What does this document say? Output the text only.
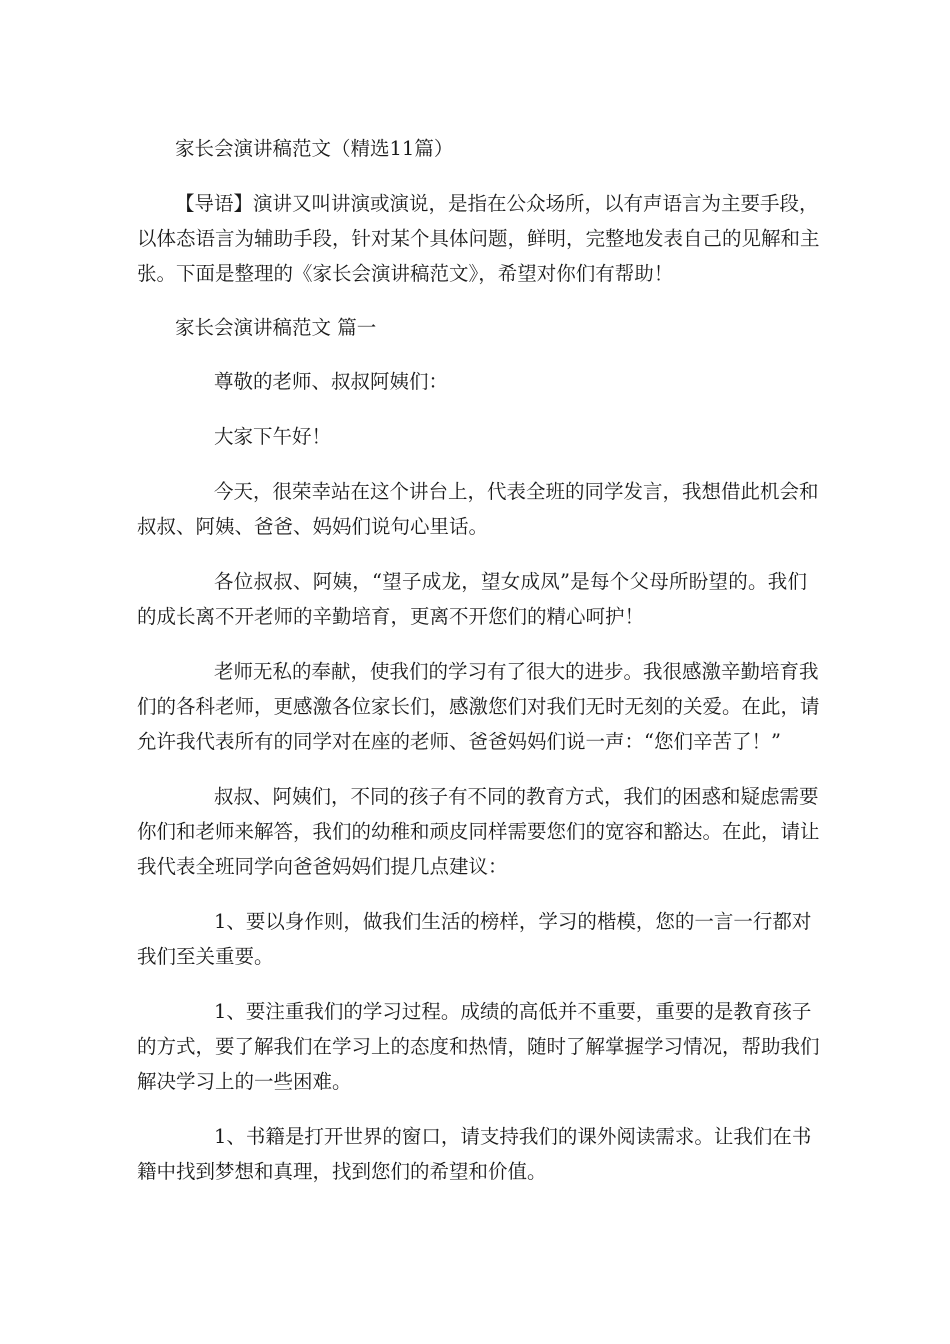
家长会演讲稿范文（精选11篇）
【导语】演讲又叫讲演或演说，是指在公众场所，以有声语言为主要手段，
以体态语言为辅助手段，针对某个具体问题，鲜明，完整地发表自己的见解和主
张。下面是整理的《家长会演讲稿范文》，希望对你们有帮助！
家长会演讲稿范文 篇一
尊敬的老师、叔叔阿姨们：
大家下午好！
今天，很荣幸站在这个讲台上，代表全班的同学发言，我想借此机会和
叔叔、阿姨、爸爸、妈妈们说句心里话。
各位叔叔、阿姨，“望子成龙，望女成凤”是每个父母所盼望的。我们
的成长离不开老师的辛勤培育，更离不开您们的精心呵护！
老师无私的奉献，使我们的学习有了很大的进步。我很感激辛勤培育我
们的各科老师，更感激各位家长们，感激您们对我们无时无刻的关爱。在此，请
允许我代表所有的同学对在座的老师、爸爸妈妈们说一声：“您们辛苦了！”
叔叔、阿姨们，不同的孩子有不同的教育方式，我们的困惑和疑虑需要
你们和老师来解答，我们的幼稚和顽皮同样需要您们的宽容和豁达。在此，请让
我代表全班同学向爸爸妈妈们提几点建议：
1、要以身作则，做我们生活的榜样，学习的楷模，您的一言一行都对
我们至关重要。
1、要注重我们的学习过程。成绩的高低并不重要，重要的是教育孩子
的方式，要了解我们在学习上的态度和热情，随时了解掌握学习情况，帮助我们
解决学习上的一些困难。
1、书籍是打开世界的窗口，请支持我们的课外阅读需求。让我们在书
籍中找到梦想和真理，找到您们的希望和价值。
